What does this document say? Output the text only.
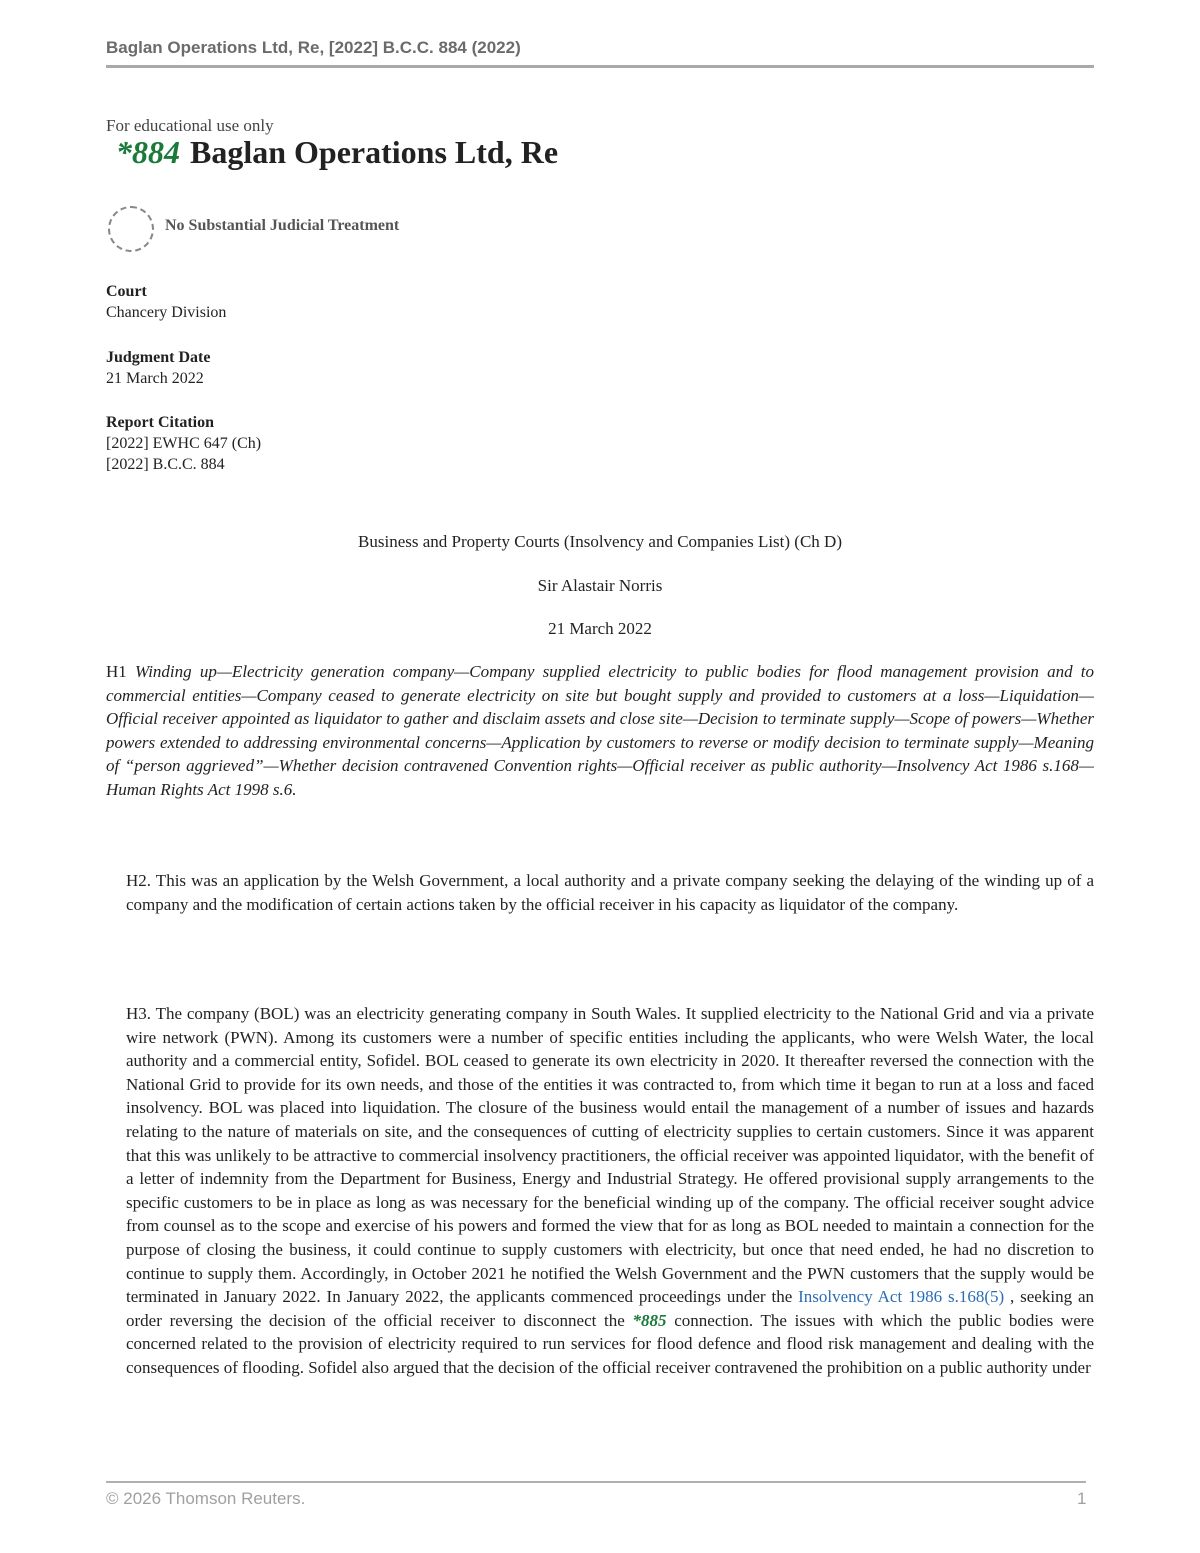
Baglan Operations Ltd, Re, [2022] B.C.C. 884 (2022)
For educational use only
*884 Baglan Operations Ltd, Re
No Substantial Judicial Treatment
Court
Chancery Division
Judgment Date
21 March 2022
Report Citation
[2022] EWHC 647 (Ch)
[2022] B.C.C. 884
Business and Property Courts (Insolvency and Companies List) (Ch D)
Sir Alastair Norris
21 March 2022
H1 Winding up—Electricity generation company—Company supplied electricity to public bodies for flood management provision and to commercial entities—Company ceased to generate electricity on site but bought supply and provided to customers at a loss—Liquidation—Official receiver appointed as liquidator to gather and disclaim assets and close site—Decision to terminate supply—Scope of powers—Whether powers extended to addressing environmental concerns—Application by customers to reverse or modify decision to terminate supply—Meaning of “person aggrieved”—Whether decision contravened Convention rights—Official receiver as public authority—Insolvency Act 1986 s.168—Human Rights Act 1998 s.6.
H2. This was an application by the Welsh Government, a local authority and a private company seeking the delaying of the winding up of a company and the modification of certain actions taken by the official receiver in his capacity as liquidator of the company.
H3. The company (BOL) was an electricity generating company in South Wales. It supplied electricity to the National Grid and via a private wire network (PWN). Among its customers were a number of specific entities including the applicants, who were Welsh Water, the local authority and a commercial entity, Sofidel. BOL ceased to generate its own electricity in 2020. It thereafter reversed the connection with the National Grid to provide for its own needs, and those of the entities it was contracted to, from which time it began to run at a loss and faced insolvency. BOL was placed into liquidation. The closure of the business would entail the management of a number of issues and hazards relating to the nature of materials on site, and the consequences of cutting of electricity supplies to certain customers. Since it was apparent that this was unlikely to be attractive to commercial insolvency practitioners, the official receiver was appointed liquidator, with the benefit of a letter of indemnity from the Department for Business, Energy and Industrial Strategy. He offered provisional supply arrangements to the specific customers to be in place as long as was necessary for the beneficial winding up of the company. The official receiver sought advice from counsel as to the scope and exercise of his powers and formed the view that for as long as BOL needed to maintain a connection for the purpose of closing the business, it could continue to supply customers with electricity, but once that need ended, he had no discretion to continue to supply them. Accordingly, in October 2021 he notified the Welsh Government and the PWN customers that the supply would be terminated in January 2022. In January 2022, the applicants commenced proceedings under the Insolvency Act 1986 s.168(5) , seeking an order reversing the decision of the official receiver to disconnect the *885 connection. The issues with which the public bodies were concerned related to the provision of electricity required to run services for flood defence and flood risk management and dealing with the consequences of flooding. Sofidel also argued that the decision of the official receiver contravened the prohibition on a public authority under
© 2026 Thomson Reuters.	1
